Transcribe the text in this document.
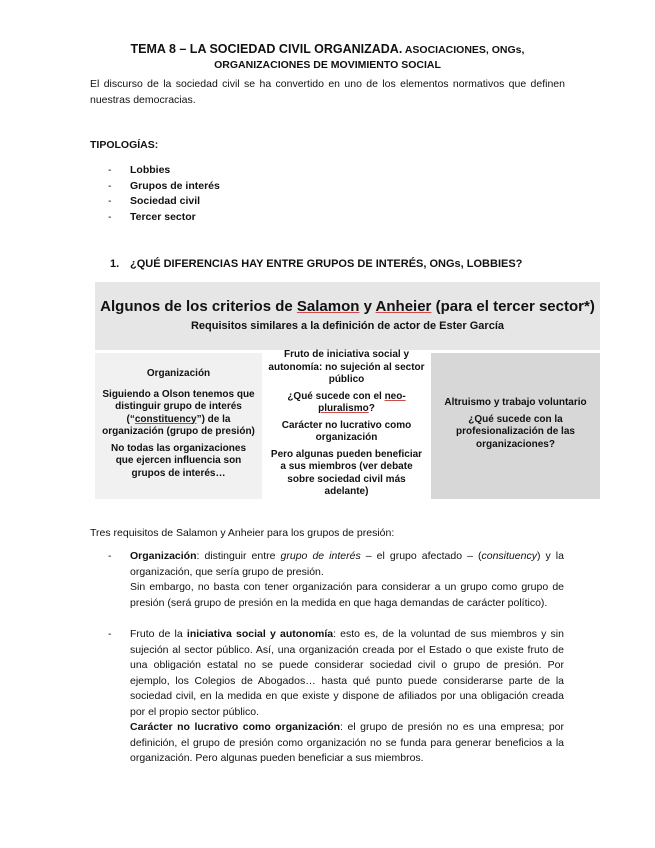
TEMA 8 – LA SOCIEDAD CIVIL ORGANIZADA. ASOCIACIONES, ONGs,
ORGANIZACIONES DE MOVIMIENTO SOCIAL
El discurso de la sociedad civil se ha convertido en uno de los elementos normativos que definen nuestras democracias.
TIPOLOGÍAS:
- Lobbies
- Grupos de interés
- Sociedad civil
- Tercer sector
1. ¿QUÉ DIFERENCIAS HAY ENTRE GRUPOS DE INTERÉS, ONGs, LOBBIES?
Algunos de los criterios de Salamon y Anheier (para el tercer sector*)
Requisitos similares a la definición de actor de Ester García

Organización

Siguiendo a Olson tenemos que distinguir grupo de interés (“constituency”) de la organización (grupo de presión)

No todas las organizaciones que ejercen influencia son grupos de interés…

Fruto de iniciativa social y autonomía: no sujeción al sector público

¿Qué sucede con el neo-pluralismo?

Carácter no lucrativo como organización

Pero algunas pueden beneficiar a sus miembros (ver debate sobre sociedad civil más adelante)

Altruismo y trabajo voluntario

¿Qué sucede con la profesionalización de las organizaciones?

Tres requisitos de Salamon y Anheier para los grupos de presión:
- Organización: distinguir entre grupo de interés – el grupo afectado – (consituency) y la organización, que sería grupo de presión.

Sin embargo, no basta con tener organización para considerar a un grupo como grupo de presión (será grupo de presión en la medida en que haga demandas de carácter político).

- Fruto de la iniciativa social y autonomía: esto es, de la voluntad de sus miembros y sin sujeción al sector público. Así, una organización creada por el Estado o que existe fruto de una obligación estatal no se puede considerar sociedad civil o grupo de presión. Por ejemplo, los Colegios de Abogados… hasta qué punto puede considerarse parte de la sociedad civil, en la medida en que existe y dispone de afiliados por una obligación creada por el propio sector público.

Carácter no lucrativo como organización: el grupo de presión no es una empresa; por definición, el grupo de presión como organización no se funda para generar beneficios a la organización. Pero algunas pueden beneficiar a sus miembros.
